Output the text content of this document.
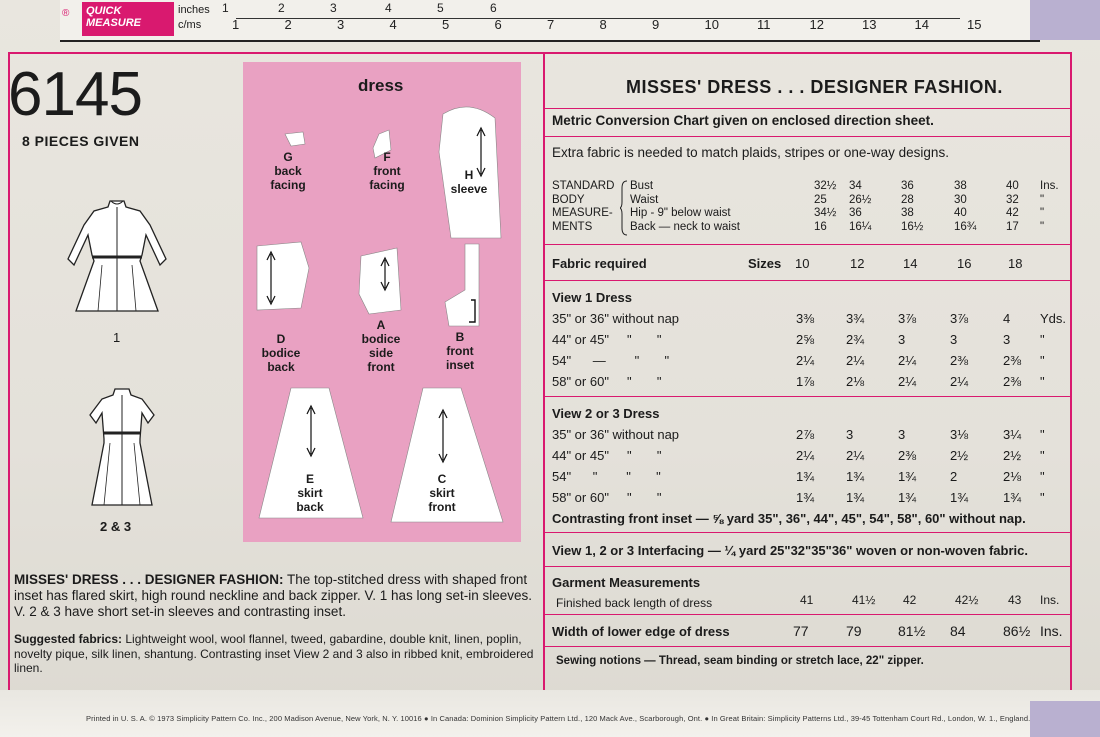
®	QUICK MEASURE
inches
c/ms
1	2	3	4	5	6
1	2	3	4	5	6	7	8	9	10	11	12	13	14	15
6145
8 PIECES GIVEN
1
2 & 3
dress
G
back
facing
F
front
facing
H
sleeve
D
bodice
back
A
bodice
side
front
B
front
inset
E
skirt
back
C
skirt
front
MISSES' DRESS . . . DESIGNER FASHION: The top-stitched dress with shaped front inset has flared skirt, high round neckline and back zipper. V. 1 has long set-in sleeves. V. 2 & 3 have short set-in sleeves and contrasting inset.
Suggested fabrics: Lightweight wool, wool flannel, tweed, gabardine, double knit, linen, poplin, novelty pique, silk linen, shantung. Contrasting inset View 2 and 3 also in ribbed knit, embroidered linen.
MISSES' DRESS . . . DESIGNER FASHION.
Metric Conversion Chart given on enclosed direction sheet.
Extra fabric is needed to match plaids, stripes or one-way designs.
STANDARD
BODY
MEASURE-
MENTS
Bust	32½ 34	36	38	40 Ins.
Waist	25 26½	28	30	32 "
Hip - 9" below waist	34½ 36	38	40	42 "
Back — neck to waist	16 16¼	16½	16¾	17 "
Fabric required	Sizes 10	12	14	16	18
View 1 Dress
35" or 36" without nap	3⅜ 3¾	3⅞	3⅞	4 Yds.
44" or 45"     "       "	2⅝ 2¾	3	3	3 "
54"      —        "       "	2¼ 2¼	2¼	2⅜	2⅜ "
58" or 60"     "       "	1⅞ 2⅛	2¼	2¼	2⅜ "
View 2 or 3 Dress
35" or 36" without nap	2⅞ 3	3	3⅛	3¼ "
44" or 45"     "       "	2¼ 2¼	2⅜	2½	2½ "
54"      "        "       "	1¾ 1¾	1¾	2	2⅛ "
58" or 60"     "       "	1¾ 1¾	1¾	1¾	1¾ "
Contrasting front inset — ⅝ yard 35", 36", 44", 45", 54", 58", 60" without nap.
View 1, 2 or 3 Interfacing — ¼ yard 25"32"35"36" woven or non-woven fabric.
Garment Measurements
Finished back length of dress	41	41½ 42	42½ 43 Ins.
Width of lower edge of dress	77	79	81½ 84	86½ Ins.
Sewing notions — Thread, seam binding or stretch lace, 22" zipper.
Printed in U. S. A. © 1973 Simplicity Pattern Co. Inc., 200 Madison Avenue, New York, N. Y. 10016 ● In Canada: Dominion Simplicity Pattern Ltd., 120 Mack Ave., Scarborough, Ont. ● In Great Britain: Simplicity Patterns Ltd., 39-45 Tottenham Court Rd., London, W. 1., England.
